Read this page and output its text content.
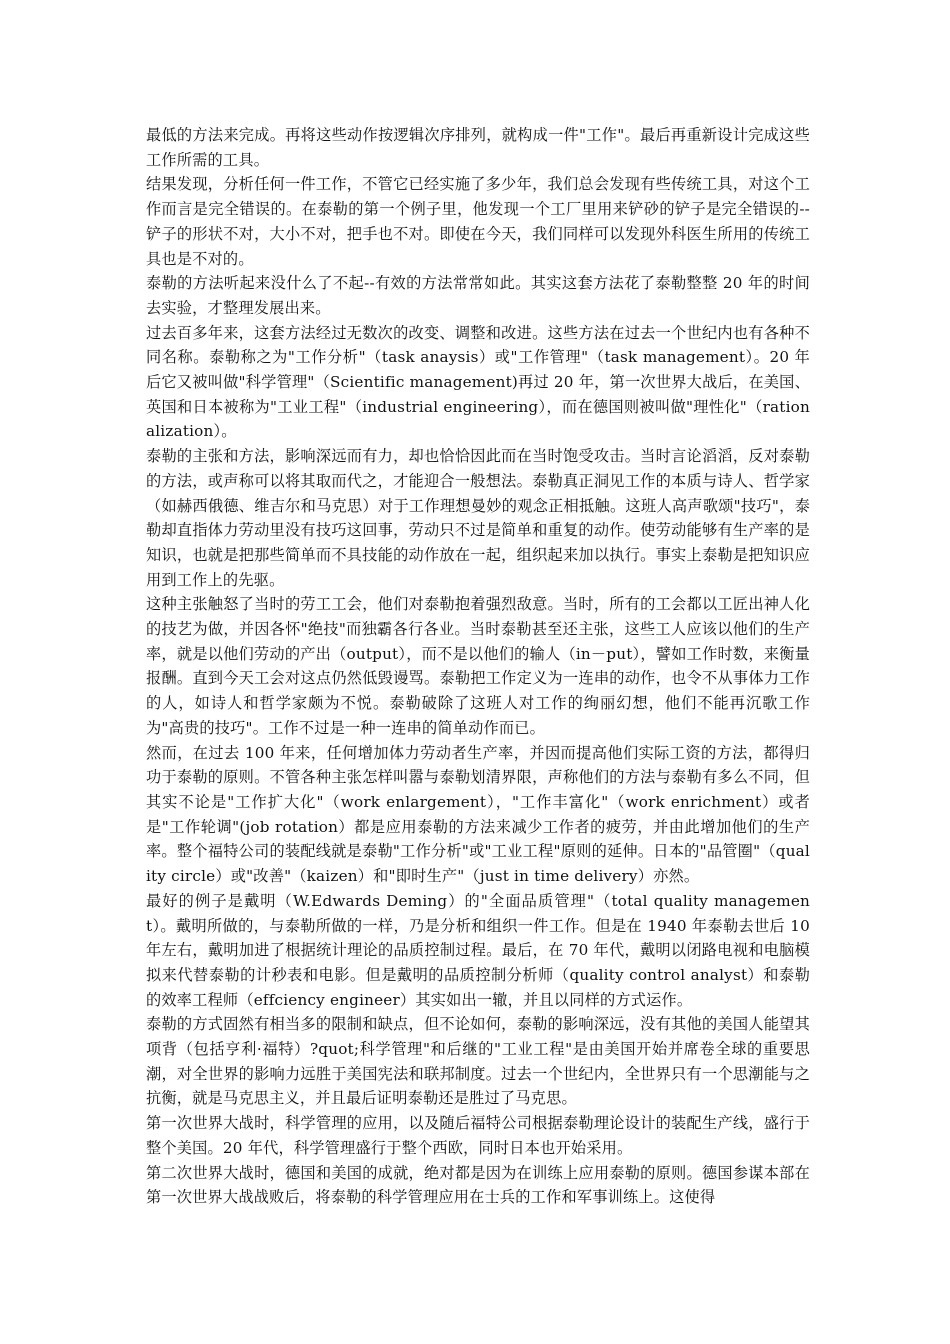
最低的方法来完成。再将这些动作按逻辑次序排列，就构成一件"工作"。最后再重新设计完成这些工作所需的工具。

结果发现，分析任何一件工作，不管它已经实施了多少年，我们总会发现有些传统工具，对这个工作而言是完全错误的。在泰勒的第一个例子里，他发现一个工厂里用来铲砂的铲子是完全错误的--铲子的形状不对，大小不对，把手也不对。即使在今天，我们同样可以发现外科医生所用的传统工具也是不对的。

泰勒的方法听起来没什么了不起--有效的方法常常如此。其实这套方法花了泰勒整整 20 年的时间去实验，才整理发展出来。

过去百多年来，这套方法经过无数次的改变、调整和改进。这些方法在过去一个世纪内也有各种不同名称。泰勒称之为"工作分析"（task anaysis）或"工作管理"（task management）。20 年后它又被叫做"科学管理"（Scientific management)再过 20 年，第一次世界大战后，在美国、英国和日本被称为"工业工程"（industrial engineering），而在德国则被叫做"理性化"（rationalization）。

泰勒的主张和方法，影响深远而有力，却也恰恰因此而在当时饱受攻击。当时言论滔滔，反对泰勒的方法，或声称可以将其取而代之，才能迎合一般想法。泰勒真正洞见工作的本质与诗人、哲学家（如赫西俄德、维吉尔和马克思）对于工作理想曼妙的观念正相抵触。这班人高声歌颂"技巧"，泰勒却直指体力劳动里没有技巧这回事，劳动只不过是简单和重复的动作。使劳动能够有生产率的是知识，也就是把那些简单而不具技能的动作放在一起，组织起来加以执行。事实上泰勒是把知识应用到工作上的先驱。

这种主张触怒了当时的劳工工会，他们对泰勒抱着强烈敌意。当时，所有的工会都以工匠出神人化的技艺为做，并因各怀"绝技"而独霸各行各业。当时泰勒甚至还主张，这些工人应该以他们的生产率，就是以他们劳动的产出（output），而不是以他们的输人（in－put），譬如工作时数，来衡量报酬。直到今天工会对这点仍然低毁谩骂。泰勒把工作定义为一连串的动作，也令不从事体力工作的人，如诗人和哲学家颇为不悦。泰勒破除了这班人对工作的绚丽幻想，他们不能再沉歌工作为"高贵的技巧"。工作不过是一种一连串的简单动作而已。

然而，在过去 100 年来，任何增加体力劳动者生产率，并因而提高他们实际工资的方法，都得归功于泰勒的原则。不管各种主张怎样叫嚣与泰勒划清界限，声称他们的方法与泰勒有多么不同，但其实不论是"工作扩大化"（work enlargement），"工作丰富化"（work enrichment）或者是"工作轮调"(job rotation）都是应用泰勒的方法来减少工作者的疲劳，并由此增加他们的生产率。整个福特公司的装配线就是泰勒"工作分析"或"工业工程"原则的延伸。日本的"品管圈"（quality circle）或"改善"（kaizen）和"即时生产"（just in time delivery）亦然。

最好的例子是戴明（W.Edwards Deming）的"全面品质管理"（total quality management）。戴明所做的，与泰勒所做的一样，乃是分析和组织一件工作。但是在 1940 年泰勒去世后 10 年左右，戴明加进了根据统计理论的品质控制过程。最后，在 70 年代，戴明以闭路电视和电脑模拟来代替泰勒的计秒表和电影。但是戴明的品质控制分析师（quality control analyst）和泰勒的效率工程师（effciency engineer）其实如出一辙，并且以同样的方式运作。

泰勒的方式固然有相当多的限制和缺点，但不论如何，泰勒的影响深远，没有其他的美国人能望其项背（包括亨利·福特）?quot;科学管理"和后继的"工业工程"是由美国开始并席卷全球的重要思潮，对全世界的影响力远胜于美国宪法和联邦制度。过去一个世纪内，全世界只有一个思潮能与之抗衡，就是马克思主义，并且最后证明泰勒还是胜过了马克思。

第一次世界大战时，科学管理的应用，以及随后福特公司根据泰勒理论设计的装配生产线，盛行于整个美国。20 年代，科学管理盛行于整个西欧，同时日本也开始采用。

第二次世界大战时，德国和美国的成就，绝对都是因为在训练上应用泰勒的原则。德国参谋本部在第一次世界大战战败后，将泰勒的科学管理应用在士兵的工作和军事训练上。这使得
